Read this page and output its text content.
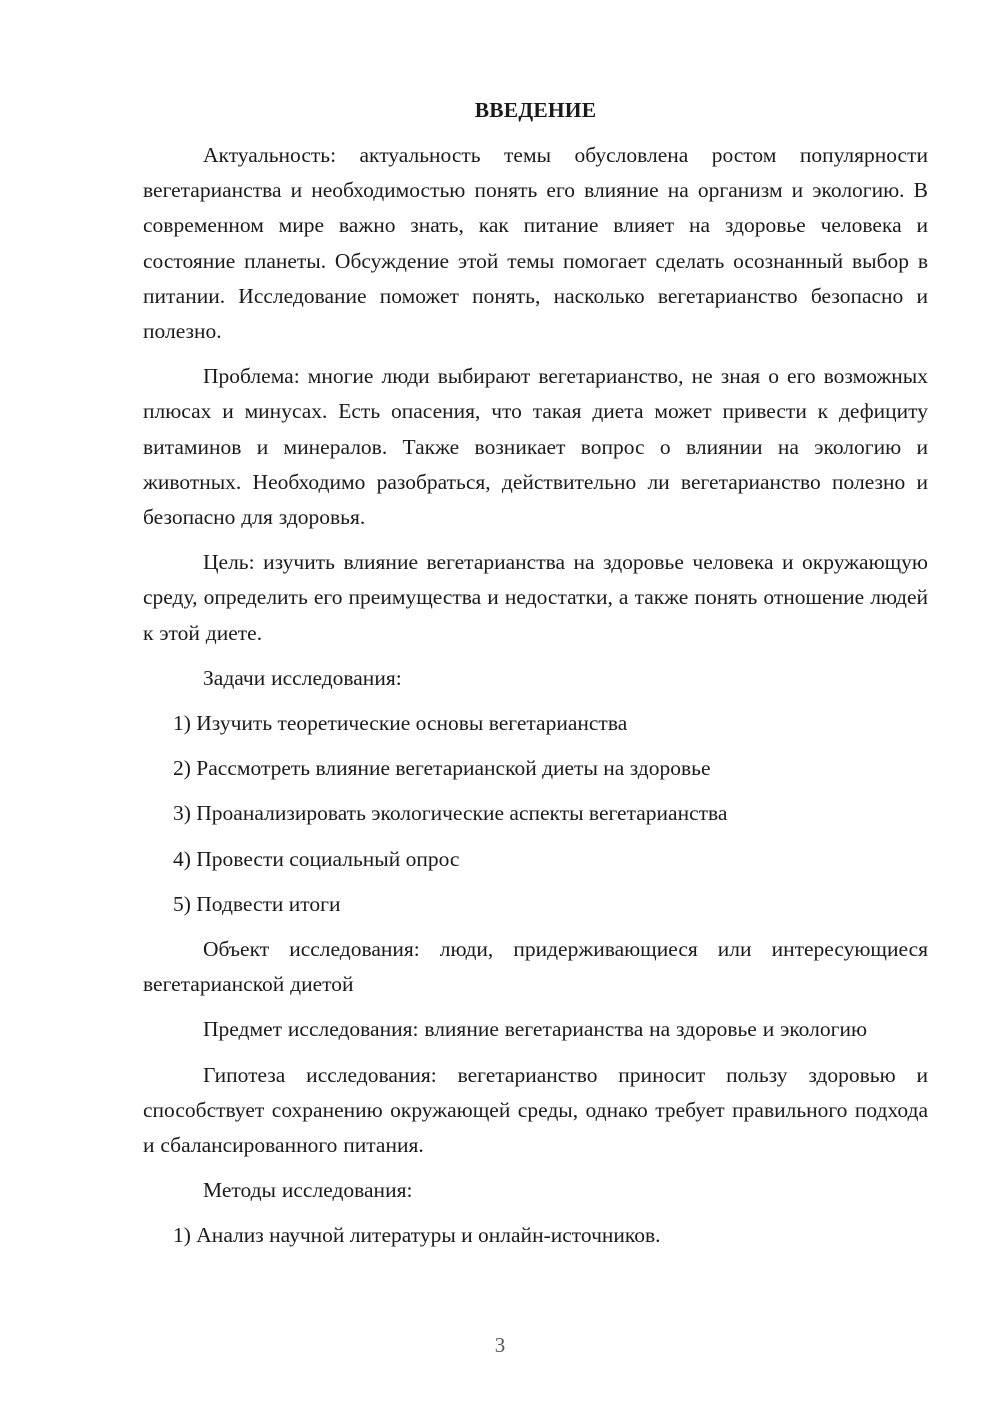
ВВЕДЕНИЕ

Актуальность: актуальность темы обусловлена ростом популярности вегетарианства и необходимостью понять его влияние на организм и экологию. В современном мире важно знать, как питание влияет на здоровье человека и состояние планеты. Обсуждение этой темы помогает сделать осознанный выбор в питании. Исследование поможет понять, насколько вегетарианство безопасно и полезно.

Проблема: многие люди выбирают вегетарианство, не зная о его возможных плюсах и минусах. Есть опасения, что такая диета может привести к дефициту витаминов и минералов. Также возникает вопрос о влиянии на экологию и животных. Необходимо разобраться, действительно ли вегетарианство полезно и безопасно для здоровья.

Цель: изучить влияние вегетарианства на здоровье человека и окружающую среду, определить его преимущества и недостатки, а также понять отношение людей к этой диете.

Задачи исследования:

1) Изучить теоретические основы вегетарианства

2) Рассмотреть влияние вегетарианской диеты на здоровье

3) Проанализировать экологические аспекты вегетарианства

4) Провести социальный опрос

5) Подвести итоги

Объект исследования: люди, придерживающиеся или интересующиеся вегетарианской диетой

Предмет исследования: влияние вегетарианства на здоровье и экологию

Гипотеза исследования: вегетарианство приносит пользу здоровью и способствует сохранению окружающей среды, однако требует правильного подхода и сбалансированного питания.

Методы исследования:

1) Анализ научной литературы и онлайн-источников.

3
